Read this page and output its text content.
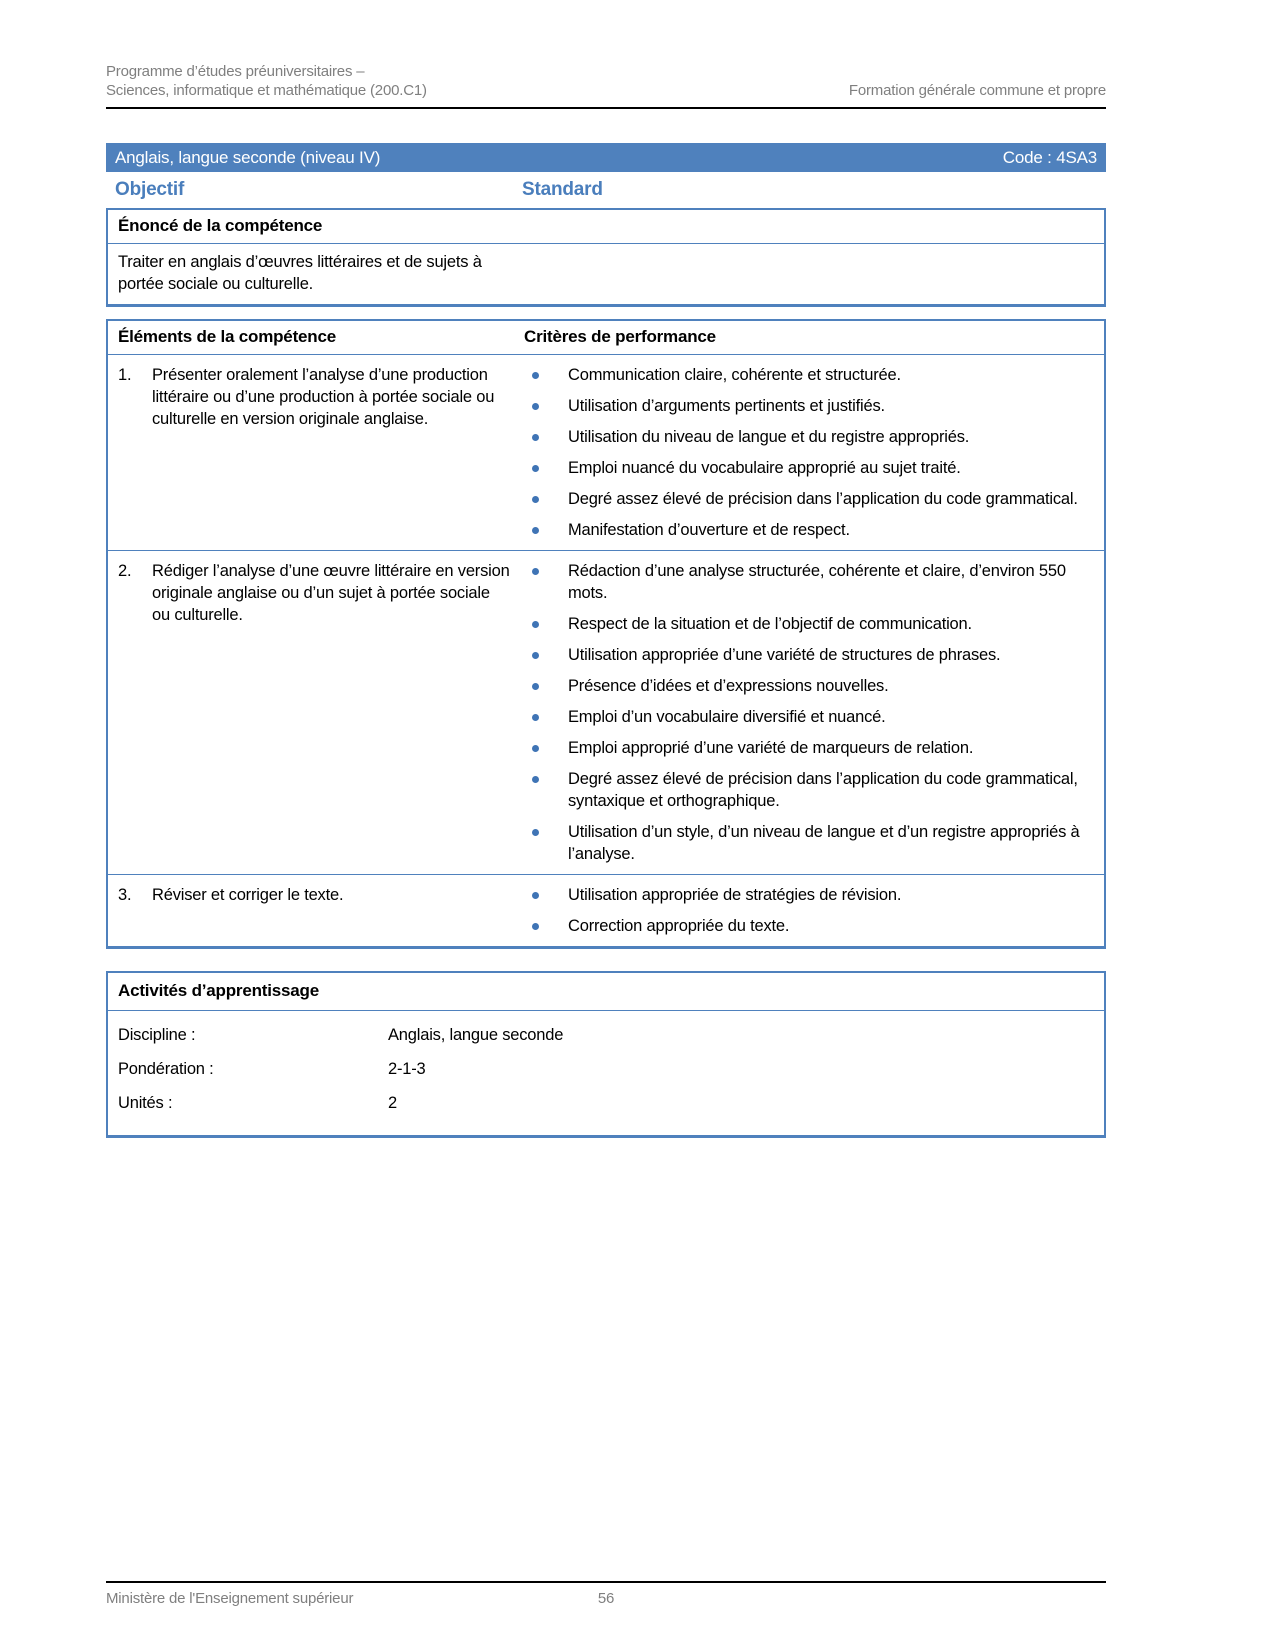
Programme d’études préuniversitaires –
Sciences, informatique et mathématique (200.C1)	Formation générale commune et propre
Anglais, langue seconde (niveau IV)	Code : 4SA3
Objectif	Standard
Énoncé de la compétence
Traiter en anglais d’œuvres littéraires et de sujets à portée sociale ou culturelle.
Éléments de la compétence	Critères de performance
1.	Présenter oralement l’analyse d’une production littéraire ou d’une production à portée sociale ou culturelle en version originale anglaise.
Communication claire, cohérente et structurée.
Utilisation d’arguments pertinents et justifiés.
Utilisation du niveau de langue et du registre appropriés.
Emploi nuancé du vocabulaire approprié au sujet traité.
Degré assez élevé de précision dans l’application du code grammatical.
Manifestation d’ouverture et de respect.
2.	Rédiger l’analyse d’une œuvre littéraire en version originale anglaise ou d’un sujet à portée sociale ou culturelle.
Rédaction d’une analyse structurée, cohérente et claire, d’environ 550 mots.
Respect de la situation et de l’objectif de communication.
Utilisation appropriée d’une variété de structures de phrases.
Présence d’idées et d’expressions nouvelles.
Emploi d’un vocabulaire diversifié et nuancé.
Emploi approprié d’une variété de marqueurs de relation.
Degré assez élevé de précision dans l’application du code grammatical, syntaxique et orthographique.
Utilisation d’un style, d’un niveau de langue et d’un registre appropriés à l’analyse.
3.	Réviser et corriger le texte.	Utilisation appropriée de stratégies de révision.
Correction appropriée du texte.
Activités d’apprentissage
Discipline :	Anglais, langue seconde
Pondération :	2-1-3
Unités :	2
Ministère de l'Enseignement supérieur	56
